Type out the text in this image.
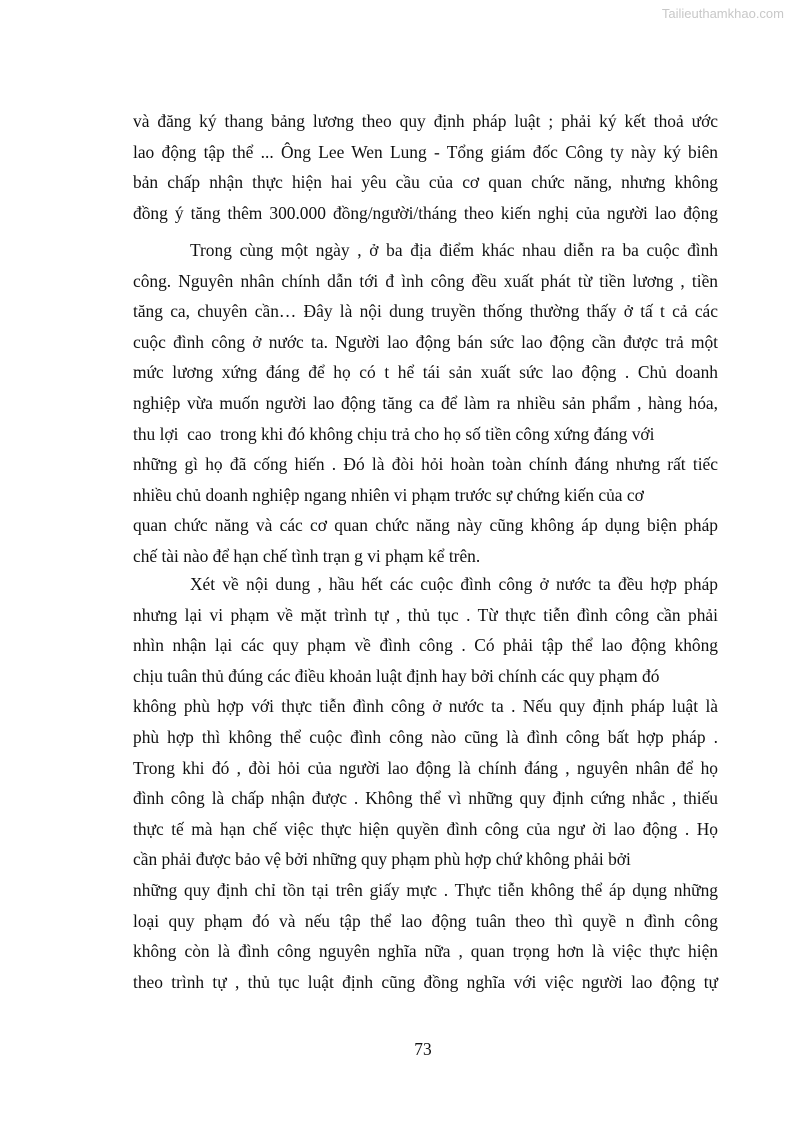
Tailieuthamkhao.com
và đăng ký thang bảng lương theo quy định pháp luật ; phải ký kết thoả ước
lao động tập thể ... Ông Lee Wen Lung - Tổng giám đốc Công ty này ký biên
bản chấp nhận thực hiện hai yêu cầu của cơ quan chức năng, nhưng không
đồng ý tăng thêm 300.000 đồng/người/tháng theo kiến nghị của người lao động
Trong cùng một ngày , ở ba địa điểm khác nhau diễn ra ba cuộc đình
công. Nguyên nhân chính dẫn tới đ ình công đều xuất phát từ tiền lương , tiền
tăng ca, chuyên cần… Đây là nội dung truyền thống thường thấy ở tấ t cả các
cuộc đình công ở nước ta. Người lao động bán sức lao động cần được trả một
mức lương xứng đáng để họ có t hể tái sản xuất sức lao động . Chủ doanh
nghiệp vừa muốn người lao động tăng ca để làm ra nhiều sản phẩm , hàng hóa,
thu lợi  cao  trong khi đó không chịu trả cho họ số tiền công xứng đáng với
những gì họ đã cống hiến . Đó là đòi hỏi hoàn toàn chính đáng nhưng rất tiếc
nhiều chủ doanh nghiệp ngang nhiên vi phạm trước sự chứng kiến của cơ
quan chức năng và các cơ quan chức năng này cũng không áp dụng biện pháp
chế tài nào để hạn chế tình trạn g vi phạm kể trên.
Xét về nội dung , hầu hết các cuộc đình công ở nước ta đều hợp pháp
nhưng lại vi phạm về mặt trình tự , thủ tục . Từ thực tiễn đình công cần phải
nhìn nhận lại các quy phạm về đình công . Có phải tập thể lao động không
chịu tuân thủ đúng các điều khoản luật định hay bởi chính các quy phạm đó
không phù hợp với thực tiễn đình công ở nước ta . Nếu quy định pháp luật là
phù hợp thì không thể cuộc đình công nào cũng là đình công bất hợp pháp .
Trong khi đó , đòi hỏi của người lao động là chính đáng , nguyên nhân để họ
đình công là chấp nhận được . Không thể vì những quy định cứng nhắc , thiếu
thực tế mà hạn chế việc thực hiện quyền đình công của ngư ời lao động . Họ
cần phải được bảo vệ bởi những quy phạm phù hợp chứ không phải bởi
những quy định chỉ tồn tại trên giấy mực . Thực tiễn không thể áp dụng những
loại quy phạm đó và nếu tập thể lao động tuân theo thì quyề n đình công
không còn là đình công nguyên nghĩa nữa , quan trọng hơn là việc thực hiện
theo trình tự , thủ tục luật định cũng đồng nghĩa với việc người lao động tự
73
